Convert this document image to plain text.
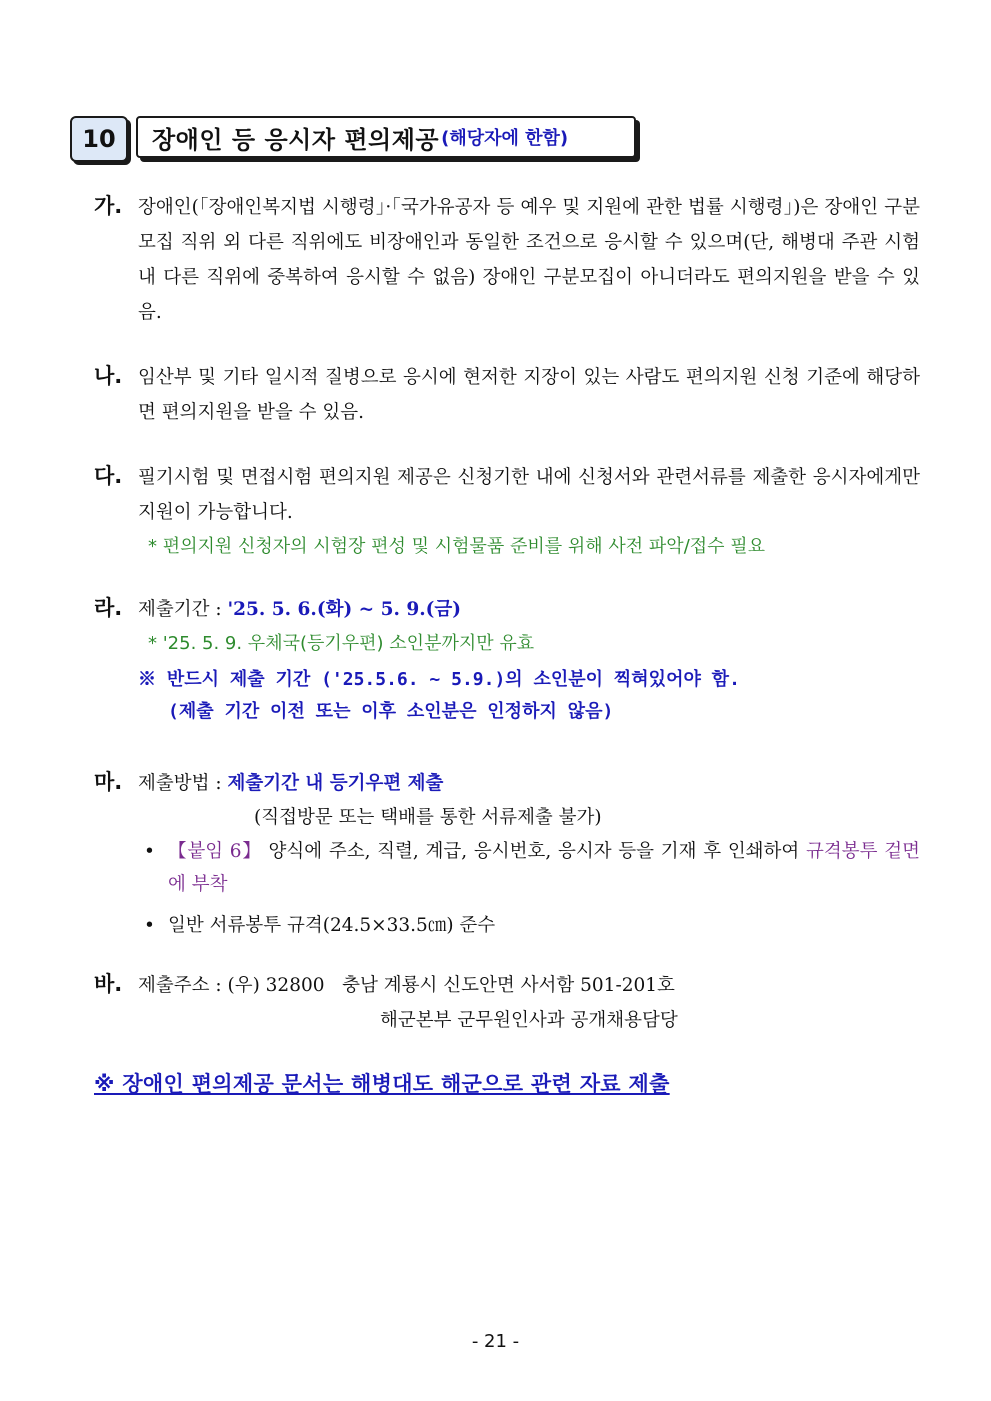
10	장애인 등 응시자 편의제공 (해당자에 한함)
가. 장애인(「장애인복지법 시행령」·「국가유공자 등 예우 및 지원에 관한 법률 시행령」)은 장애인 구분모집 직위 외 다른 직위에도 비장애인과 동일한 조건으로 응시할 수 있으며(단, 해병대 주관 시험 내 다른 직위에 중복하여 응시할 수 없음) 장애인 구분모집이 아니더라도 편의지원을 받을 수 있음.
나. 임산부 및 기타 일시적 질병으로 응시에 현저한 지장이 있는 사람도 편의지원 신청 기준에 해당하면 편의지원을 받을 수 있음.
다. 필기시험 및 면접시험 편의지원 제공은 신청기한 내에 신청서와 관련서류를 제출한 응시자에게만 지원이 가능합니다.
* 편의지원 신청자의 시험장 편성 및 시험물품 준비를 위해 사전 파악/접수 필요
라. 제출기간 : '25. 5. 6.(화) ~ 5. 9.(금)
* '25. 5. 9. 우체국(등기우편) 소인분까지만 유효
※ 반드시 제출 기간 ('25.5.6. ~ 5.9.)의 소인분이 찍혀있어야 함.
(제출 기간 이전 또는 이후 소인분은 인정하지 않음)
마. 제출방법 : 제출기간 내 등기우편 제출
(직접방문 또는 택배를 통한 서류제출 불가)
• 【붙임 6】 양식에 주소, 직렬, 계급, 응시번호, 응시자 등을 기재 후 인쇄하여 규격봉투 겉면에 부착
• 일반 서류봉투 규격(24.5×33.5㎝) 준수
바. 제출주소 : (우) 32800   충남 계룡시 신도안면 사서함 501-201호
해군본부 군무원인사과 공개채용담당
※ 장애인 편의제공 문서는 해병대도 해군으로 관련 자료 제출
- 21 -
